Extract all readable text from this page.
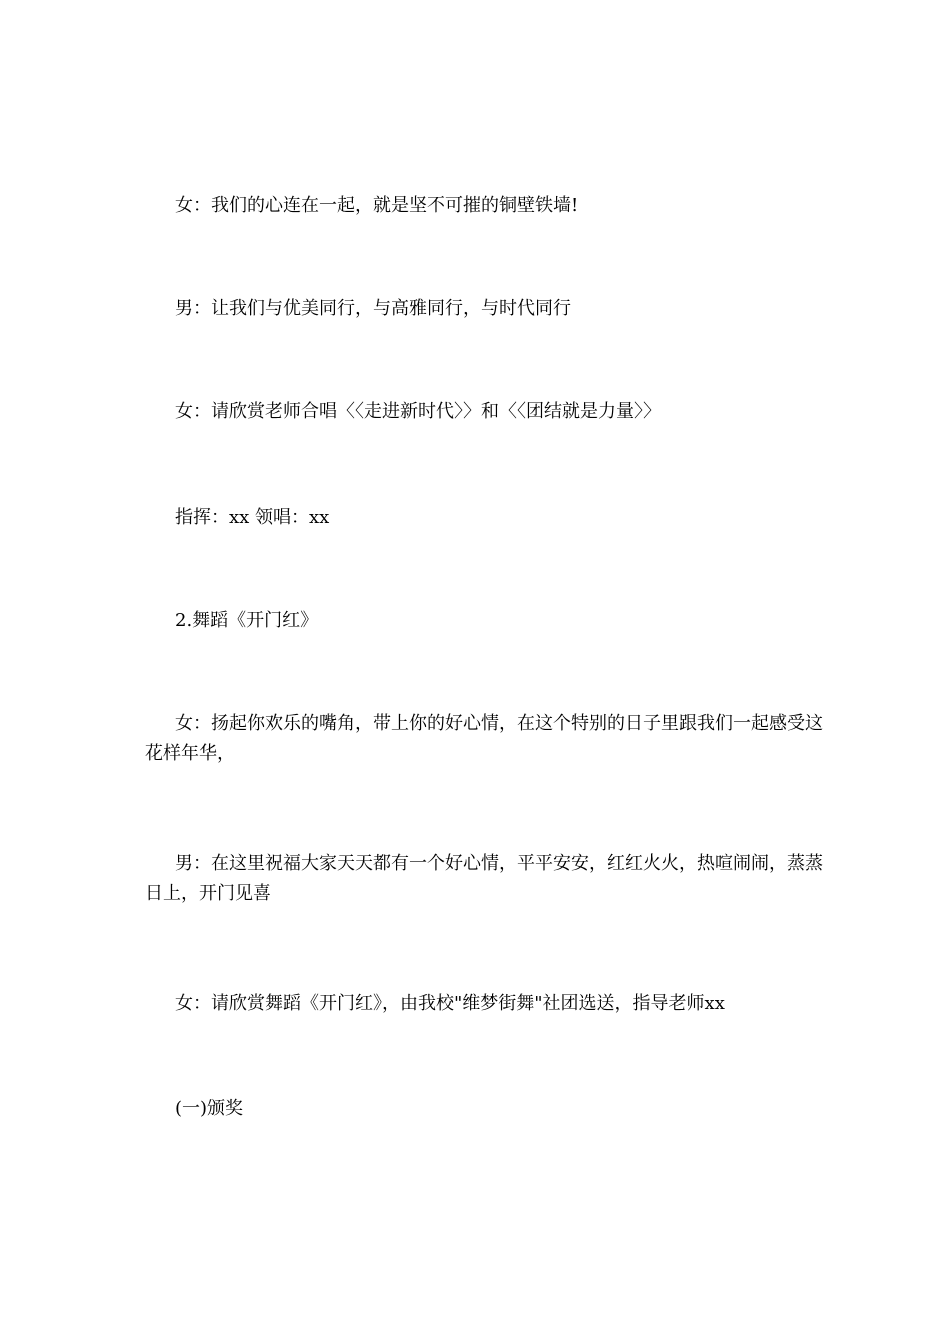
女：我们的心连在一起，就是坚不可摧的铜壁铁墙!

男：让我们与优美同行，与高雅同行，与时代同行

女：请欣赏老师合唱〈〈走进新时代〉〉和〈〈团结就是力量〉〉

指挥：xx 领唱：xx

2.舞蹈《开门红》

女：扬起你欢乐的嘴角，带上你的好心情，在这个特别的日子里跟我们一起感受这花样年华，

男：在这里祝福大家天天都有一个好心情，平平安安，红红火火，热喧闹闹，蒸蒸日上，开门见喜

女：请欣赏舞蹈《开门红》，由我校"维梦街舞"社团选送，指导老师xx

(一)颁奖
